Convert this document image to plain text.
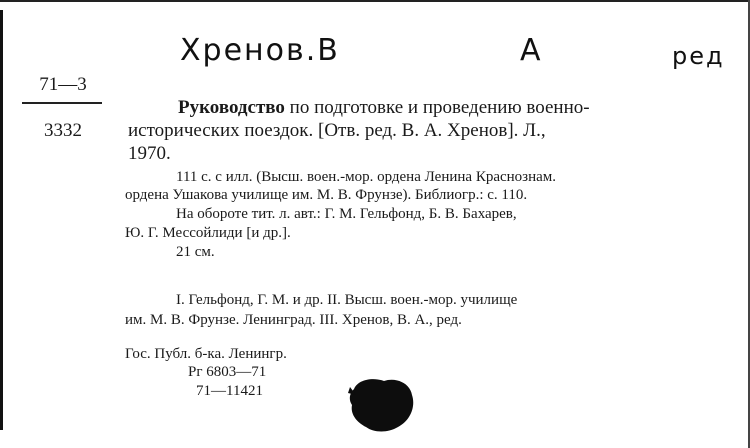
Хренов.В	А	ред
71—3
3332
Руководство по подготовке и проведению военно-
исторических поездок. [Отв. ред. В. А. Хренов]. Л.,
1970.
111 с. с илл. (Высш. воен.-мор. ордена Ленина Краснознам.
ордена Ушакова училище им. М. В. Фрунзе). Библиогр.: с. 110.
На обороте тит. л. авт.: Г. М. Гельфонд, Б. В. Бахарев,
Ю. Г. Мессойлиди [и др.].
21 см.
I. Гельфонд, Г. М. и др. II. Высш. воен.-мор. училище
им. М. В. Фрунзе. Ленинград. III. Хренов, В. А., ред.
Гос. Публ. б-ка. Ленингр.
Рг 6803—71
71—11421
